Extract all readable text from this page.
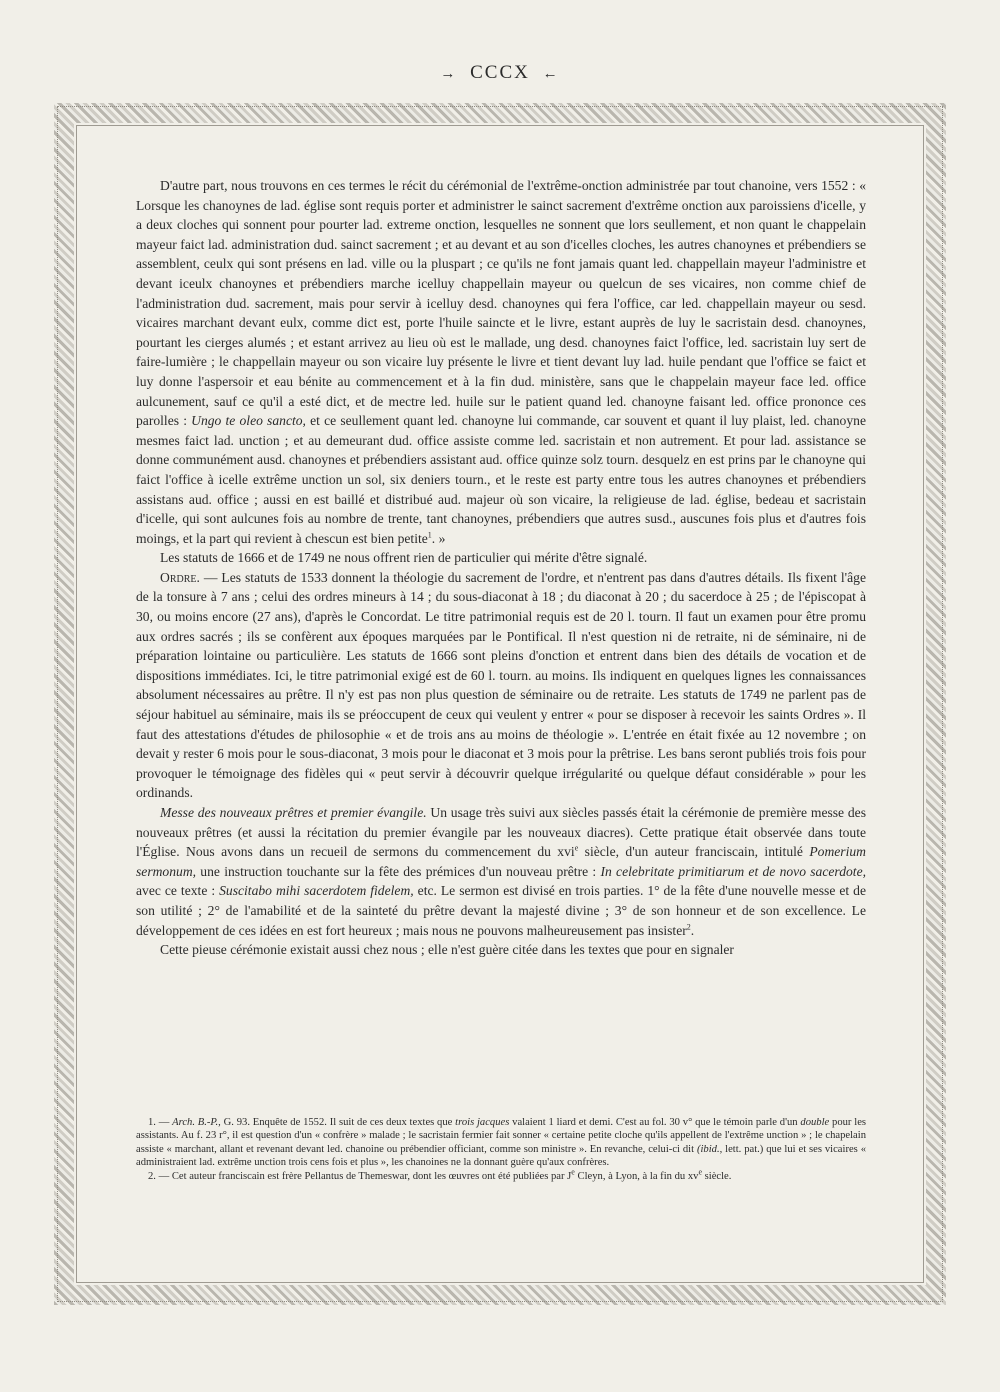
→ CCCX ←

D'autre part, nous trouvons en ces termes le récit du cérémonial de l'extrême-onction administrée par tout chanoine, vers 1552 : « Lorsque les chanoynes de lad. église sont requis porter et administrer le sainct sacrement d'extrême onction aux paroissiens d'icelle, y a deux cloches qui sonnent pour pourter lad. extreme onction, lesquelles ne sonnent que lors seullement, et non quant le chappelain mayeur faict lad. administration dud. sainct sacrement ; et au devant et au son d'icelles cloches, les autres chanoynes et prébendiers se assemblent, ceulx qui sont présens en lad. ville ou la pluspart ; ce qu'ils ne font jamais quant led. chappellain mayeur l'administre et devant iceulx chanoynes et prébendiers marche icelluy chappellain mayeur ou quelcun de ses vicaires, non comme chief de l'administration dud. sacrement, mais pour servir à icelluy desd. chanoynes qui fera l'office, car led. chappellain mayeur ou sesd. vicaires marchant devant eulx, comme dict est, porte l'huile saincte et le livre, estant auprès de luy le sacristain desd. chanoynes, pourtant les cierges alumés ; et estant arrivez au lieu où est le mallade, ung desd. chanoynes faict l'office, led. sacristain luy sert de faire-lumière ; le chappellain mayeur ou son vicaire luy présente le livre et tient devant luy lad. huile pendant que l'office se faict et luy donne l'aspersoir et eau bénite au commencement et à la fin dud. ministère, sans que le chappelain mayeur face led. office aulcunement, sauf ce qu'il a esté dict, et de mectre led. huile sur le patient quand led. chanoyne faisant led. office prononce ces parolles : Ungo te oleo sancto, et ce seullement quant led. chanoyne lui commande, car souvent et quant il luy plaist, led. chanoyne mesmes faict lad. unction ; et au demeurant dud. office assiste comme led. sacristain et non autrement. Et pour lad. assistance se donne communément ausd. chanoynes et prébendiers assistant aud. office quinze solz tourn. desquelz en est prins par le chanoyne qui faict l'office à icelle extrême unction un sol, six deniers tourn., et le reste est party entre tous les autres chanoynes et prébendiers assistans aud. office ; aussi en est baillé et distribué aud. majeur où son vicaire, la religieuse de lad. église, bedeau et sacristain d'icelle, qui sont aulcunes fois au nombre de trente, tant chanoynes, prébendiers que autres susd., auscunes fois plus et d'autres fois moings, et la part qui revient à chescun est bien petite$^1$. »

Les statuts de 1666 et de 1749 ne nous offrent rien de particulier qui mérite d'être signalé.

Ordre. — Les statuts de 1533 donnent la théologie du sacrement de l'ordre, et n'entrent pas dans d'autres détails. Ils fixent l'âge de la tonsure à 7 ans ; celui des ordres mineurs à 14 ; du sous-diaconat à 18 ; du diaconat à 20 ; du sacerdoce à 25 ; de l'épiscopat à 30, ou moins encore (27 ans), d'après le Concordat. Le titre patrimonial requis est de 20 l. tourn. Il faut un examen pour être promu aux ordres sacrés ; ils se confèrent aux époques marquées par le Pontifical. Il n'est question ni de retraite, ni de séminaire, ni de préparation lointaine ou particulière. Les statuts de 1666 sont pleins d'onction et entrent dans bien des détails de vocation et de dispositions immédiates. Ici, le titre patrimonial exigé est de 60 l. tourn. au moins. Ils indiquent en quelques lignes les connaissances absolument nécessaires au prêtre. Il n'y est pas non plus question de séminaire ou de retraite. Les statuts de 1749 ne parlent pas de séjour habituel au séminaire, mais ils se préoccupent de ceux qui veulent y entrer « pour se disposer à recevoir les saints Ordres ». Il faut des attestations d'études de philosophie « et de trois ans au moins de théologie ». L'entrée en était fixée au 12 novembre ; on devait y rester 6 mois pour le sous-diaconat, 3 mois pour le diaconat et 3 mois pour la prêtrise. Les bans seront publiés trois fois pour provoquer le témoignage des fidèles qui « peut servir à découvrir quelque irrégularité ou quelque défaut considérable » pour les ordinands.

Messe des nouveaux prêtres et premier évangile. Un usage très suivi aux siècles passés était la cérémonie de première messe des nouveaux prêtres (et aussi la récitation du premier évangile par les nouveaux diacres). Cette pratique était observée dans toute l'Église. Nous avons dans un recueil de sermons du commencement du xvi$^e$ siècle, d'un auteur franciscain, intitulé Pomerium sermonum, une instruction touchante sur la fête des prémices d'un nouveau prêtre : In celebritate primitiarum et de novo sacerdote, avec ce texte : Suscitabo mihi sacerdotem fidelem, etc. Le sermon est divisé en trois parties. 1° de la fête d'une nouvelle messe et de son utilité ; 2° de l'amabilité et de la sainteté du prêtre devant la majesté divine ; 3° de son honneur et de son excellence. Le développement de ces idées en est fort heureux ; mais nous ne pouvons malheureusement pas insister$^2$.

Cette pieuse cérémonie existait aussi chez nous ; elle n'est guère citée dans les textes que pour en signaler

1. — Arch. B.-P., G. 93. Enquête de 1552. Il suit de ces deux textes que trois jacques valaient 1 liard et demi. C'est au fol. 30 v° que le témoin parle d'un double pour les assistants. Au f. 23 r°, il est question d'un « confrère » malade ; le sacristain fermier fait sonner « certaine petite cloche qu'ils appellent de l'extrême unction » ; le chapelain assiste « marchant, allant et revenant devant led. chanoine ou prébendier officiant, comme son ministre ». En revanche, celui-ci dit (ibid., lett. pat.) que lui et ses vicaires « administraient lad. extrême unction trois cens fois et plus », les chanoines ne la donnant guère qu'aux confrères.

2. — Cet auteur franciscain est frère Pellantus de Themeswar, dont les œuvres ont été publiées par $J^e$ Cleyn, à Lyon, à la fin du $xv^e$ siècle.
